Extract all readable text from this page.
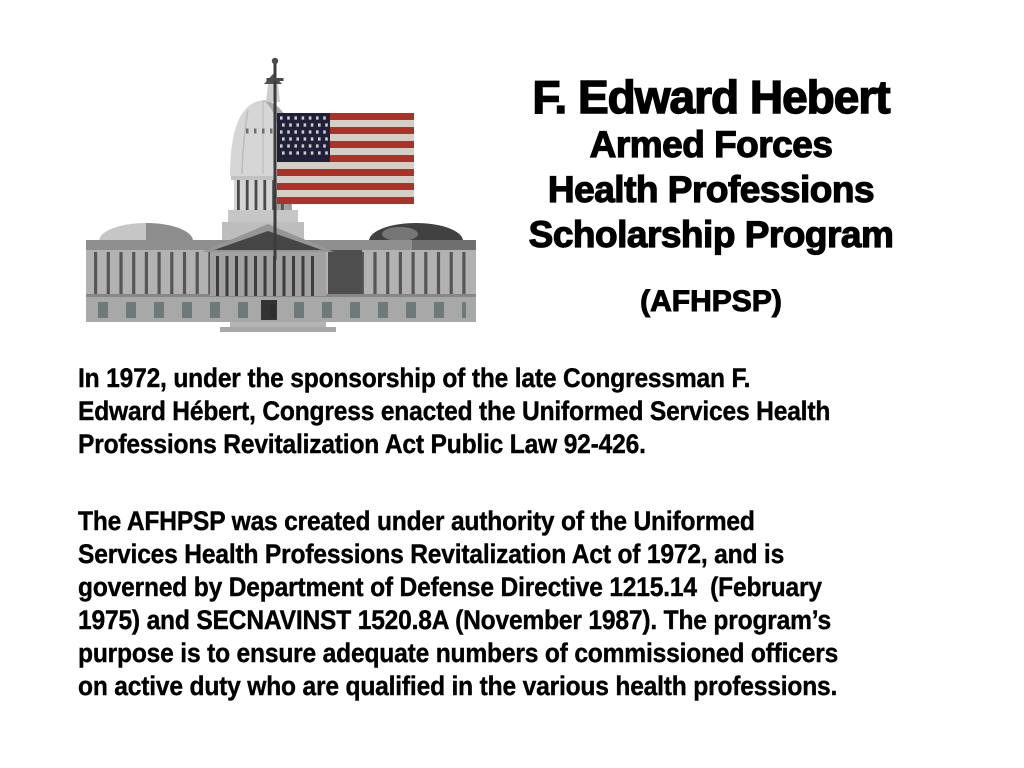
F. Edward Hebert
Armed Forces
Health Professions
Scholarship Program
(AFHPSP)
In 1972, under the sponsorship of the late Congressman F.
Edward Hébert, Congress enacted the Uniformed Services Health
Professions Revitalization Act Public Law 92-426.
The AFHPSP was created under authority of the Uniformed
Services Health Professions Revitalization Act of 1972, and is
governed by Department of Defense Directive 1215.14  (February
1975) and SECNAVINST 1520.8A (November 1987). The program’s
purpose is to ensure adequate numbers of commissioned officers
on active duty who are qualified in the various health professions.
